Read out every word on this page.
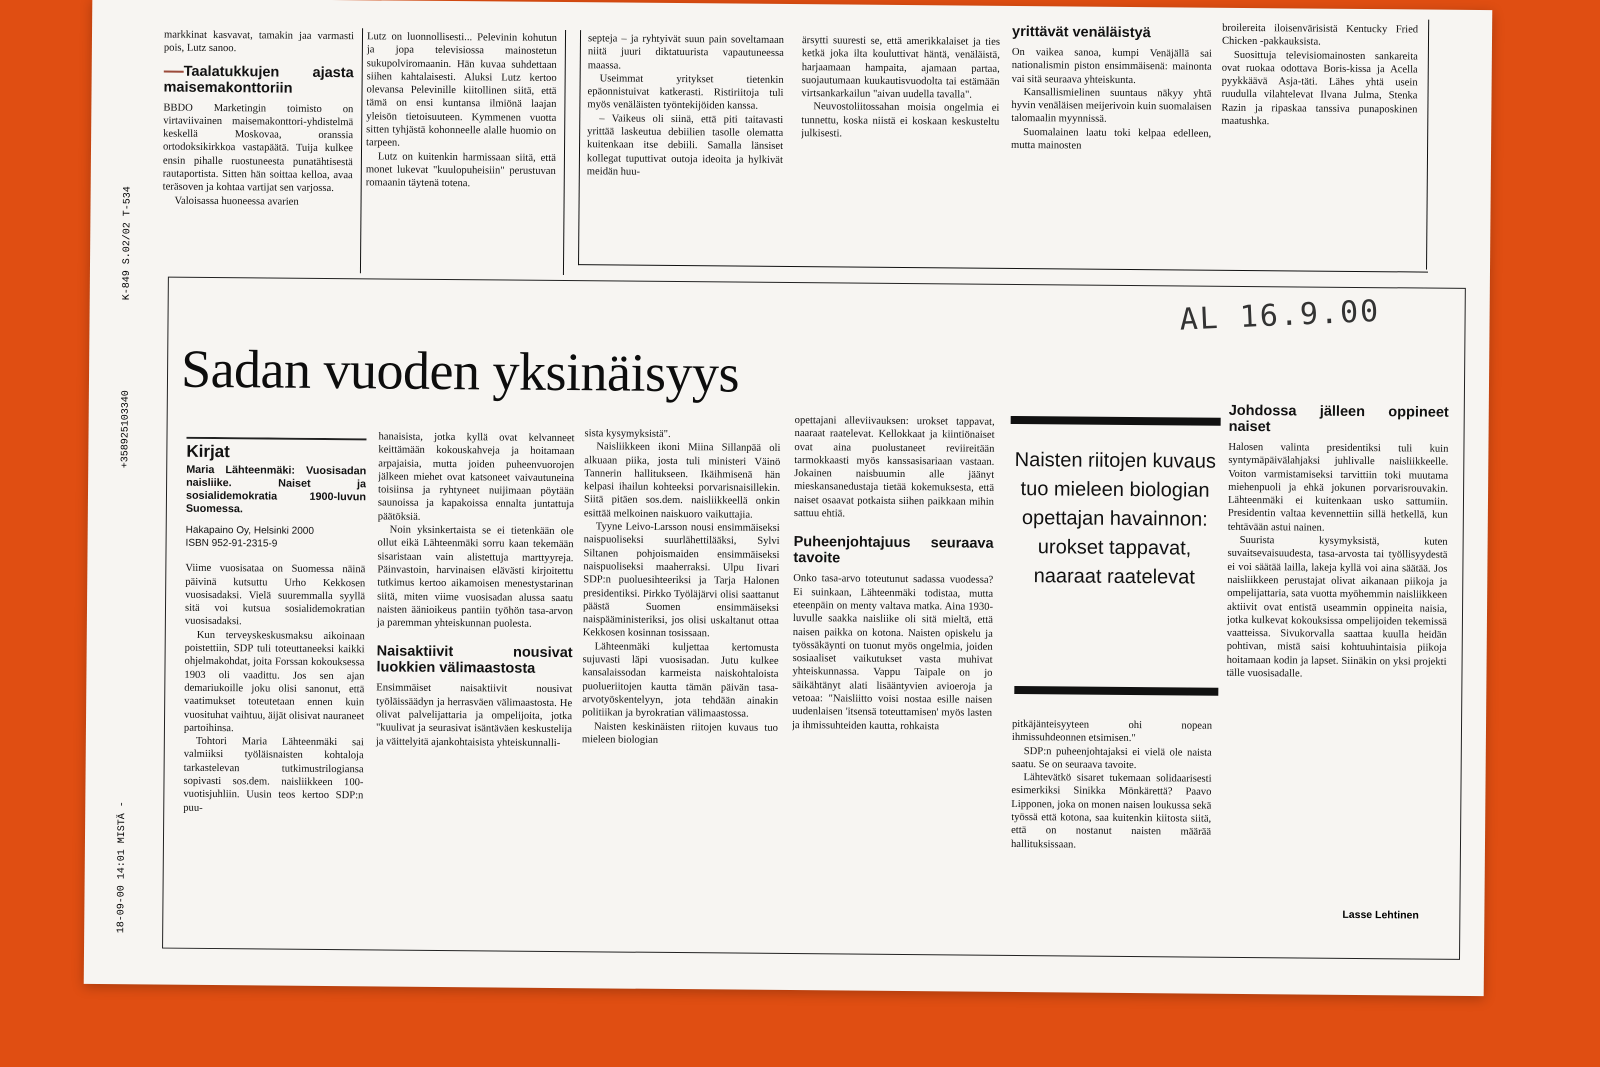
K-849 S.02/02 T-534
+358925103340
18-09-00 14:01 MISTÄ -

markkinat kasvavat, tamakin jaa varmasti pois, Lutz sanoo.

Taalatukkujen ajasta maisemakonttoriin

BBDO Marketingin toimisto on virtaviivainen maisemakonttori-yhdistelmä keskellä Moskovaa, oranssia ortodoksikirkkoa vastapäätä. Tuija kulkee ensin pihalle ruostuneesta punatähtisestä rautaportista. Sitten hän soittaa kelloa, avaa teräsoven ja kohtaa vartijat sen varjossa.

Valoisassa huoneessa avarien

Lutz on luonnollisesti... Pelevinin kohutun ja jopa televisiossa mainostetun sukupolviromaanin. Hän kuvaa suhdettaan siihen kahtalaisesti. Aluksi Lutz kertoo olevansa Pelevinille kiitollinen siitä, että tämä on ensi kuntansa ilmiönä laajan yleisön tietoisuuteen. Kymmenen vuotta sitten tyhjästä kohonneelle alalle huomio on tarpeen.

Lutz on kuitenkin harmissaan siitä, että monet lukevat "kuulopuheisiin" perustuvan romaanin täytenä totena.

septeja – ja ryhtyivät suun pain soveltamaan niitä juuri diktatuurista vapautuneessa maassa.

Useimmat yritykset tietenkin epäonnistuivat katkerasti. Ristiriitoja tuli myös venäläisten työntekijöiden kanssa.

– Vaikeus oli siinä, että piti taitavasti yrittää laskeutua debiilien tasolle olematta kuitenkaan itse debiili. Samalla länsiset kollegat tuputtivat outoja ideoita ja hylkivät meidän huu-

ärsytti suuresti se, että amerikkalaiset ja ties ketkä joka ilta kouluttivat häntä, venäläistä, harjaamaan hampaita, ajamaan partaa, suojautumaan kuukautisvuodolta tai estämään virtsankarkailun "aivan uudella tavalla".

Neuvostoliitossahan moisia ongelmia ei tunnettu, koska niistä ei koskaan keskusteltu julkisesti.

yrittävät venäläistyä

On vaikea sanoa, kumpi Venäjällä sai nationalismin piston ensimmäisenä: mainonta vai sitä seuraava yhteiskunta.

Kansallismielinen suuntaus näkyy yhtä hyvin venäläisen meijerivoin kuin suomalaisen talomaalin myynnissä.

Suomalainen laatu toki kelpaa edelleen, mutta mainosten

broilereita iloisenvärisistä Kentucky Fried Chicken -pakkauksista.

Suosittuja televisiomainosten sankareita ovat ruokaa odottava Boris-kissa ja Acella pyykkäävä Asja-täti. Lähes yhtä usein ruudulla vilahtelevat Ilvana Julma, Stenka Razin ja ripaskaa tanssiva punaposkinen maatushka.

AL 16.9.00
Sadan vuoden yksinäisyys
Kirjat
Maria Lähteenmäki: Vuosisadan naisliike. Naiset ja sosialidemokratia 1900-luvun Suomessa.
Hakapaino Oy, Helsinki 2000
ISBN 952-91-2315-9

Viime vuosisataa on Suomessa näinä päivinä kutsuttu Urho Kekkosen vuosisadaksi. Vielä suuremmalla syyllä sitä voi kutsua sosialidemokratian vuosisadaksi.

Kun terveyskeskusmaksu aikoinaan poistettiin, SDP tuli toteuttaneeksi kaikki ohjelmakohdat, joita Forssan kokouksessa 1903 oli vaadittu. Jos sen ajan demariukoille joku olisi sanonut, että vaatimukset toteutetaan ennen kuin vuosituhat vaihtuu, äijät olisivat nauraneet partoihinsa.

Tohtori Maria Lähteenmäki sai valmiiksi työläisnaisten kohtaloja tarkastelevan tutkimustrilogiansa sopivasti sos.dem. naisliikkeen 100-vuotisjuhliin. Uusin teos kertoo SDP:n puu-

hanaisista, jotka kyllä ovat kelvanneet keittämään kokouskahveja ja hoitamaan arpajaisia, mutta joiden puheenvuorojen jälkeen miehet ovat katsoneet vaivautuneina toisiinsa ja ryhtyneet nuijimaan pöytään saunoissa ja kapakoissa ennalta juntattuja päätöksiä.

Noin yksinkertaista se ei tietenkään ole ollut eikä Lähteenmäki sorru kaan tekemään sisaristaan vain alistettuja marttyyreja. Päinvastoin, harvinaisen elävästi kirjoitettu tutkimus kertoo aikamoisen menestystarinan siitä, miten viime vuosisadan alussa saatu naisten äänioikeus pantiin työhön tasa-arvon ja paremman yhteiskunnan puolesta.

Naisaktiivit nousivat luokkien välimaastosta

Ensimmäiset naisaktiivit nousivat työläissäädyn ja herrasväen välimaastosta. He olivat palvelijattaria ja ompelijoita, jotka "kuulivat ja seurasivat isäntäväen keskustelija ja väittelyitä ajankohtaisista yhteiskunnalli-

sista kysymyksistä".

Naisliikkeen ikoni Miina Sillanpää oli alkuaan piika, josta tuli ministeri Väinö Tannerin hallitukseen. Ikäihmisenä hän kelpasi ihailun kohteeksi porvarisnaisillekin. Siitä pitäen sos.dem. naisliikkeellä onkin esittää melkoinen naiskuoro vaikuttajia.

Tyyne Leivo-Larsson nousi ensimmäiseksi naispuoliseksi suurlähettilääksi, Sylvi Siltanen pohjoismaiden ensimmäiseksi naispuoliseksi maaherraksi. Ulpu Iivari SDP:n puoluesihteeriksi ja Tarja Halonen presidentiksi. Pirkko Työläjärvi olisi saattanut päästä Suomen ensimmäiseksi naispääministeriksi, jos olisi uskaltanut ottaa Kekkosen kosinnan tosissaan.

Lähteenmäki kuljettaa kertomusta sujuvasti läpi vuosisadan. Jutu kulkee kansalaissodan karmeista naiskohtaloista puolueriitojen kautta tämän päivän tasa-arvotyöskentelyyn, jota tehdään ainakin politiikan ja byrokratian välimaastossa.

Naisten keskinäisten riitojen kuvaus tuo mieleen biologian

opettajani alleviivauksen: urokset tappavat, naaraat raatelevat. Kellokkaat ja kiintiönaiset ovat aina puolustaneet reviireitään tarmokkaasti myös kanssasisariaan vastaan. Jokainen naisbuumin alle jäänyt mieskansanedustaja tietää kokemuksesta, että naiset osaavat potkaista siihen paikkaan mihin sattuu ehtiä.

Puheenjohtajuus seuraava tavoite

Onko tasa-arvo toteutunut sadassa vuodessa? Ei suinkaan, Lähteenmäki todistaa, mutta eteenpäin on menty valtava matka. Aina 1930-luvulle saakka naisliike oli sitä mieltä, että naisen paikka on kotona. Naisten opiskelu ja työssäkäynti on tuonut myös ongelmia, joiden sosiaaliset vaikutukset vasta muhivat yhteiskunnassa. Vappu Taipale on jo säikähtänyt alati lisääntyvien avioeroja ja vetoaa: "Naisliitto voisi nostaa esille naisen uudenlaisen 'itsensä toteuttamisen' myös lasten ja ihmissuhteiden kautta, rohkaista

Naisten riitojen kuvaus tuo mieleen biologian opettajan havainnon: urokset tappavat, naaraat raatelevat

pitkäjänteisyyteen ohi nopean ihmissuhdeonnen etsimisen."

SDP:n puheenjohtajaksi ei vielä ole naista saatu. Se on seuraava tavoite.

Lähtevätkö sisaret tukemaan solidaarisesti esimerkiksi Sinikka Mönkärettä? Paavo Lipponen, joka on monen naisen loukussa sekä työssä että kotona, saa kuitenkin kiitosta siitä, että on nostanut naisten määrää hallituksissaan.

Johdossa jälleen oppineet naiset

Halosen valinta presidentiksi tuli kuin syntymäpäivälahjaksi juhlivalle naisliikkeelle. Voiton varmistamiseksi tarvittiin toki muutama miehenpuoli ja ehkä jokunen porvarisrouvakin. Lähteenmäki ei kuitenkaan usko sattumiin. Presidentin valtaa kevennettiin sillä hetkellä, kun tehtävään astui nainen.

Suurista kysymyksistä, kuten suvaitsevaisuudesta, tasa-arvosta tai työllisyydestä ei voi säätää lailla, lakeja kyllä voi aina säätää. Jos naisliikkeen perustajat olivat aikanaan piikoja ja ompelijattaria, sata vuotta myöhemmin naisliikkeen aktiivit ovat entistä useammin oppineita naisia, jotka kulkevat kokouksissa ompelijoiden tekemissä vaatteissa. Sivukorvalla saattaa kuulla heidän pohtivan, mistä saisi kohtuuhintaisia piikoja hoitamaan kodin ja lapset. Siinäkin on yksi projekti tälle vuosisadalle.

Lasse Lehtinen
